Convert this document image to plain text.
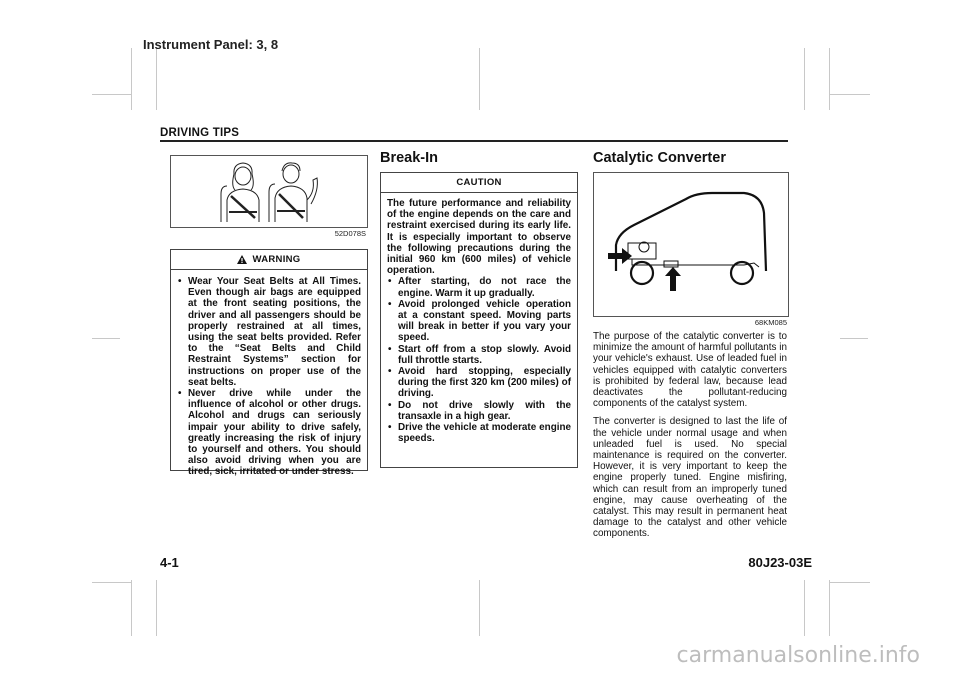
Instrument Panel: 3, 8
DRIVING TIPS
52D078S
WARNING
• Wear Your Seat Belts at All Times. Even though air bags are equipped at the front seating positions, the driver and all passengers should be properly restrained at all times, using the seat belts provided. Refer to the “Seat Belts and Child Restraint Systems” section for instructions on proper use of the seat belts.
• Never drive while under the influence of alcohol or other drugs. Alcohol and drugs can seriously impair your ability to drive safely, greatly increasing the risk of injury to yourself and others. You should also avoid driving when you are tired, sick, irritated or under stress.
Break-In
CAUTION

The future performance and reliability of the engine depends on the care and restraint exercised during its early life. It is especially important to observe the following precautions during the initial 960 km (600 miles) of vehicle operation.

• After starting, do not race the engine. Warm it up gradually.
• Avoid prolonged vehicle operation at a constant speed. Moving parts will break in better if you vary your speed.
• Start off from a stop slowly. Avoid full throttle starts.
• Avoid hard stopping, especially during the first 320 km (200 miles) of driving.
• Do not drive slowly with the transaxle in a high gear.
• Drive the vehicle at moderate engine speeds.
Catalytic Converter
68KM085

The purpose of the catalytic converter is to minimize the amount of harmful pollutants in your vehicle's exhaust. Use of leaded fuel in vehicles equipped with catalytic converters is prohibited by federal law, because lead deactivates the pollutant-reducing components of the catalyst system.

The converter is designed to last the life of the vehicle under normal usage and when unleaded fuel is used. No special maintenance is required on the converter. However, it is very important to keep the engine properly tuned. Engine misfiring, which can result from an improperly tuned engine, may cause overheating of the catalyst. This may result in permanent heat damage to the catalyst and other vehicle components.

4-1	80J23-03E
carmanualsonline.info
